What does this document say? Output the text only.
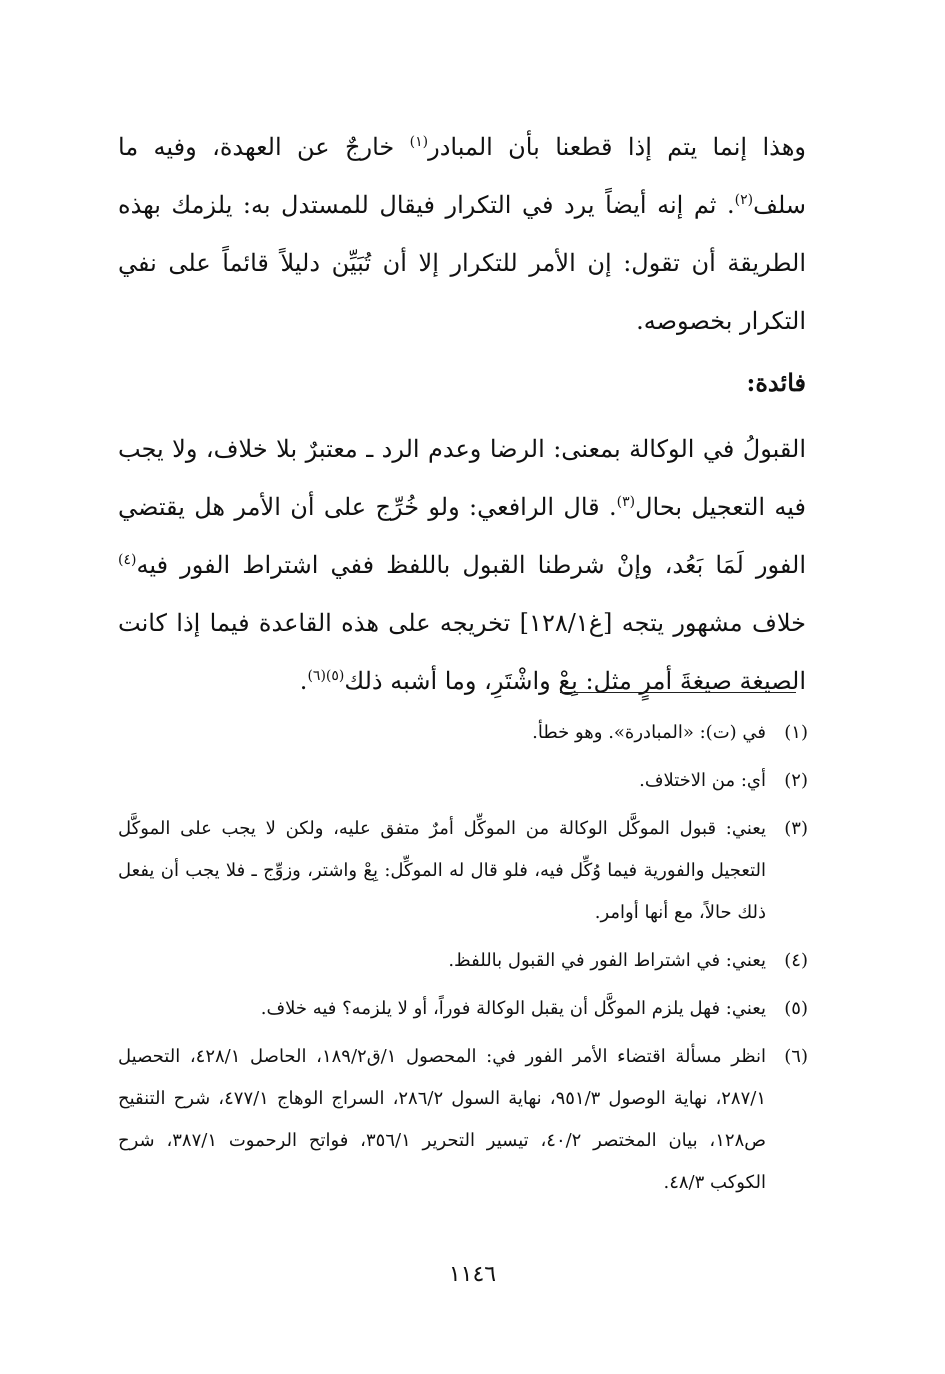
وهذا إنما يتم إذا قطعنا بأن المبادر$^{(١)}$ خارجٌ عن العهدة، وفيه ما سلف$^{(٢)}$. ثم إنه أيضاً يرد في التكرار فيقال للمستدل به: يلزمك بهذه الطريقة أن تقول: إن الأمر للتكرار إلا أن تُبَيِّن دليلاً قائماً على نفي التكرار بخصوصه.

فائدة:

القبولُ في الوكالة بمعنى: الرضا وعدم الرد ـ معتبرٌ بلا خلاف، ولا يجب فيه التعجيل بحال$^{(٣)}$. قال الرافعي: ولو خُرِّج على أن الأمر هل يقتضي الفور لَمَا بَعُد، وإنْ شرطنا القبول باللفظ ففي اشتراط الفور فيه$^{(٤)}$ خلاف مشهور يتجه [غ١٢٨/١] تخريجه على هذه القاعدة فيما إذا كانت الصيغة صيغةَ أمرٍ مثل: بِعْ واشْتَرِ، وما أشبه ذلك$^{(٥)(٦)}$.

(١)
في (ت): «المبادرة». وهو خطأ.
(٢)
أي: من الاختلاف.
(٣)
يعني: قبول الموكَّل الوكالة من الموكِّل أمرٌ متفق عليه، ولكن لا يجب على الموكَّل التعجيل والفورية فيما وُكِّل فيه، فلو قال له الموكِّل: بِعْ واشتر، وزوِّج ـ فلا يجب أن يفعل ذلك حالاً، مع أنها أوامر.
(٤)
يعني: في اشتراط الفور في القبول باللفظ.
(٥)
يعني: فهل يلزم الموكَّل أن يقبل الوكالة فوراً، أو لا يلزمه؟ فيه خلاف.
(٦)
انظر مسألة اقتضاء الأمر الفور في: المحصول ١/ق١٨٩/٢، الحاصل ٤٢٨/١، التحصيل ٢٨٧/١، نهاية الوصول ٩٥١/٣، نهاية السول ٢٨٦/٢، السراج الوهاج ٤٧٧/١، شرح التنقيح ص١٢٨، بيان المختصر ٤٠/٢، تيسير التحرير ٣٥٦/١، فواتح الرحموت ٣٨٧/١، شرح الكوكب ٤٨/٣.
١١٤٦
